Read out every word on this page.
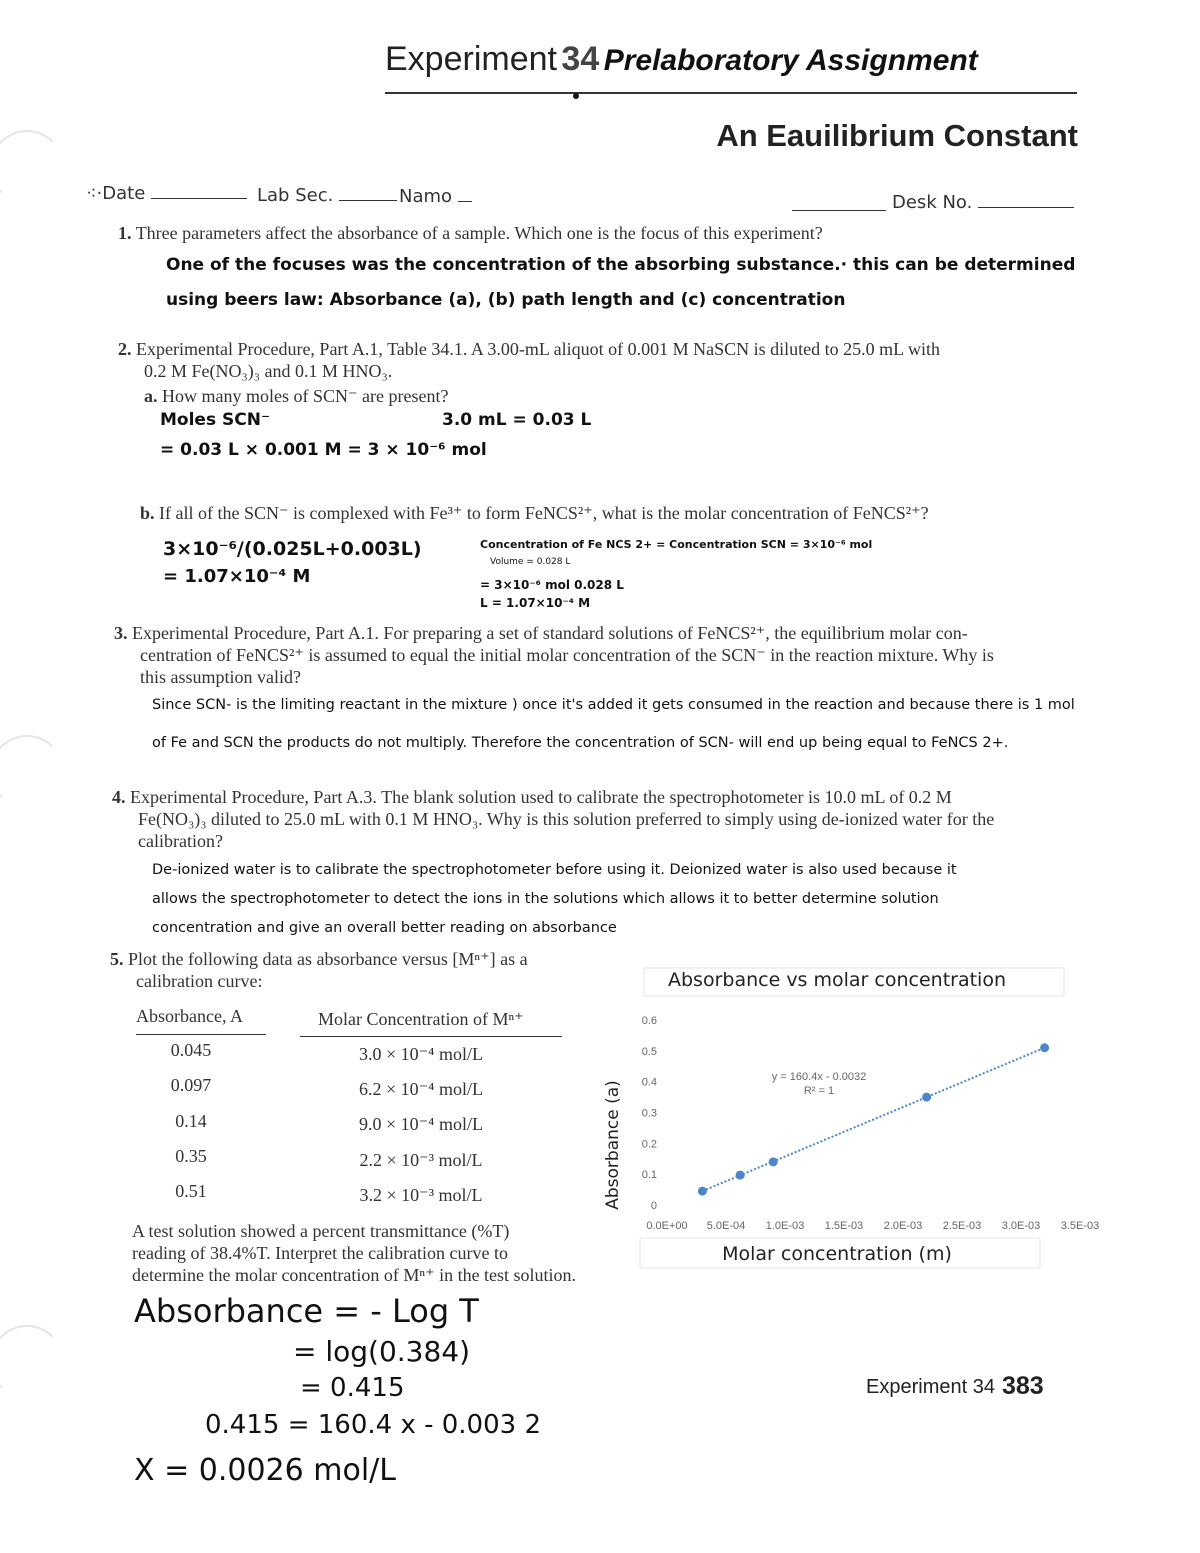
Experiment 34 Prelaboratory Assignment
An Eauilibrium Constant
⁖·Date	Lab Sec.	Namo	Desk No.
1. Three parameters affect the absorbance of a sample. Which one is the focus of this experiment?
One of the focuses was the concentration of the absorbing substance.· this can be determined
using beers law: Absorbance (a), (b) path length and (c) concentration
2. Experimental Procedure, Part A.1, Table 34.1. A 3.00-mL aliquot of 0.001 M NaSCN is diluted to 25.0 mL with
0.2 M Fe(NO₃)₃ and 0.1 M HNO₃.
a. How many moles of SCN⁻ are present?
Moles SCN⁻	3.0 mL = 0.03 L
= 0.03 L × 0.001 M = 3 × 10⁻⁶ mol
b. If all of the SCN⁻ is complexed with Fe³⁺ to form FeNCS²⁺, what is the molar concentration of FeNCS²⁺?
3×10⁻⁶/(0.025L+0.003L)
= 1.07×10⁻⁴ M
Concentration of Fe NCS 2+ = Concentration SCN = 3×10⁻⁶ mol
Volume = 0.028 L
= 3×10⁻⁶ mol 0.028 L
L = 1.07×10⁻⁴ M
3. Experimental Procedure, Part A.1. For preparing a set of standard solutions of FeNCS²⁺, the equilibrium molar con-
centration of FeNCS²⁺ is assumed to equal the initial molar concentration of the SCN⁻ in the reaction mixture. Why is
this assumption valid?
Since SCN- is the limiting reactant in the mixture ) once it's added it gets consumed in the reaction and because there is 1 mol
of Fe and SCN the products do not multiply. Therefore the concentration of SCN- will end up being equal to FeNCS 2+.
4. Experimental Procedure, Part A.3. The blank solution used to calibrate the spectrophotometer is 10.0 mL of 0.2 M
Fe(NO₃)₃ diluted to 25.0 mL with 0.1 M HNO₃. Why is this solution preferred to simply using de-ionized water for the
calibration?
De-ionized water is to calibrate the spectrophotometer before using it. Deionized water is also used because it
allows the spectrophotometer to detect the ions in the solutions which allows it to better determine solution
concentration and give an overall better reading on absorbance
5. Plot the following data as absorbance versus [Mⁿ⁺] as a
calibration curve:
Absorbance, A	Molar Concentration of Mⁿ⁺
0.045	3.0 × 10⁻⁴ mol/L
0.097	6.2 × 10⁻⁴ mol/L
0.14	9.0 × 10⁻⁴ mol/L
0.35	2.2 × 10⁻³ mol/L
0.51	3.2 × 10⁻³ mol/L
A test solution showed a percent transmittance (%T)
reading of 38.4%T. Interpret the calibration curve to
determine the molar concentration of Mⁿ⁺ in the test solution.
Absorbance = - Log T
= log(0.384)
= 0.415
0.415 = 160.4 x - 0.003 2
X = 0.0026 mol/L
Experiment 34 383
Absorbance vs molar concentration
0
0.1
0.2
0.3
0.4
0.5
0.6
0.0E+00 5.0E-04 1.0E-03 1.5E-03 2.0E-03 2.5E-03 3.0E-03 3.5E-03
y = 160.4x - 0.0032
R² = 1
Absorbance (a)
Molar concentration (m)
